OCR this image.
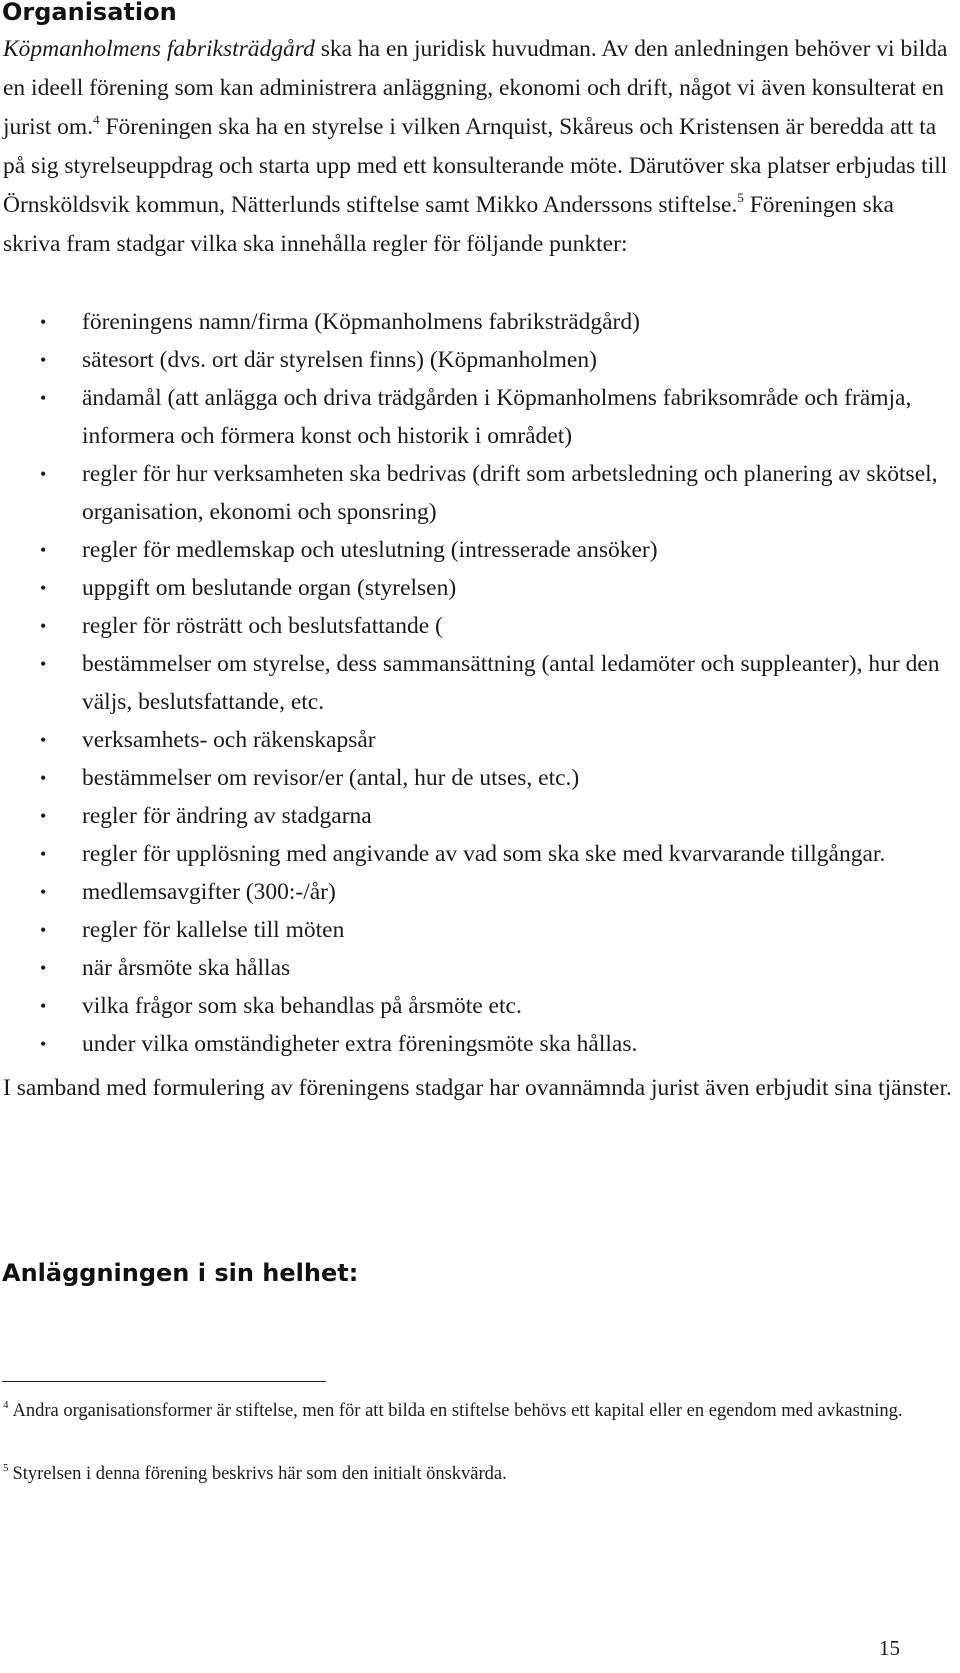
Organisation

Köpmanholmens fabriksträdgård ska ha en juridisk huvudman. Av den anledningen behöver vi bilda en ideell förening som kan administrera anläggning, ekonomi och drift, något vi även konsulterat en jurist om.$^4$ Föreningen ska ha en styrelse i vilken Arnquist, Skåreus och Kristensen är beredda att ta på sig styrelseuppdrag och starta upp med ett konsulterande möte. Därutöver ska platser erbjudas till Örnsköldsvik kommun, Nätterlunds stiftelse samt Mikko Anderssons stiftelse.$^5$ Föreningen ska skriva fram stadgar vilka ska innehålla regler för följande punkter:

• föreningens namn/firma (Köpmanholmens fabriksträdgård)
• sätesort (dvs. ort där styrelsen finns) (Köpmanholmen)
• ändamål (att anlägga och driva trädgården i Köpmanholmens fabriksområde och främja, informera och förmera konst och historik i området)
• regler för hur verksamheten ska bedrivas (drift som arbetsledning och planering av skötsel, organisation, ekonomi och sponsring)
• regler för medlemskap och uteslutning (intresserade ansöker)
• uppgift om beslutande organ (styrelsen)
• regler för rösträtt och beslutsfattande (
• bestämmelser om styrelse, dess sammansättning (antal ledamöter och suppleanter), hur den väljs, beslutsfattande, etc.
• verksamhets- och räkenskapsår
• bestämmelser om revisor/er (antal, hur de utses, etc.)
• regler för ändring av stadgarna
• regler för upplösning med angivande av vad som ska ske med kvarvarande tillgångar.
• medlemsavgifter (300:-/år)
• regler för kallelse till möten
• när årsmöte ska hållas
• vilka frågor som ska behandlas på årsmöte etc.
• under vilka omständigheter extra föreningsmöte ska hållas.

I samband med formulering av föreningens stadgar har ovannämnda jurist även erbjudit sina tjänster.

Anläggningen i sin helhet:
$^4$ Andra organisationsformer är stiftelse, men för att bilda en stiftelse behövs ett kapital eller en egendom med avkastning.
$^5$ Styrelsen i denna förening beskrivs här som den initialt önskvärda.
15
